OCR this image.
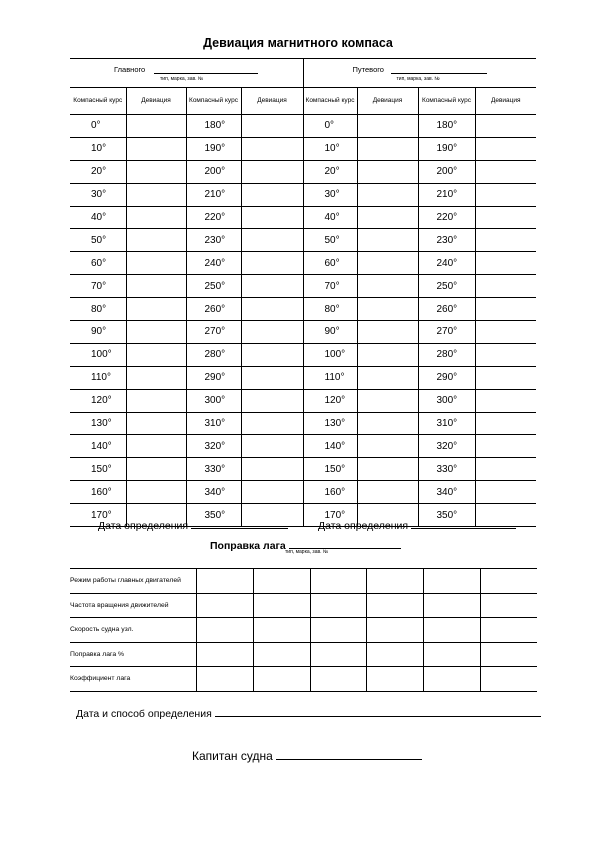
Девиация магнитного компаса
Главного
тип, марка, зав. №				Путевого
тип, марка, зав. №			

Компасный курс	Девиация	Компасный курс	Девиация	Компасный курс	Девиация	Компасный курс	Девиация
0°		180°		0°		180°	
10°		190°		10°		190°	
20°		200°		20°		200°	
30°		210°		30°		210°	
40°		220°		40°		220°	
50°		230°		50°		230°	
60°		240°		60°		240°	
70°		250°		70°		250°	
80°		260°		80°		260°	
90°		270°		90°		270°	
100°		280°		100°		280°	
110°		290°		110°		290°	
120°		300°		120°		300°	
130°		310°		130°		310°	
140°		320°		140°		320°	
150°		330°		150°		330°	
160°		340°		160°		340°	
170°		350°		170°		350°	
Дата определения	Дата определения
Поправка лага тип, марка, зав. №
Режим работы главных двигателей						
Частота вращения движителей						
Скорость судна узл.						
Поправка лага %						
Коэффициент лага						
Дата и способ определения
Капитан судна
